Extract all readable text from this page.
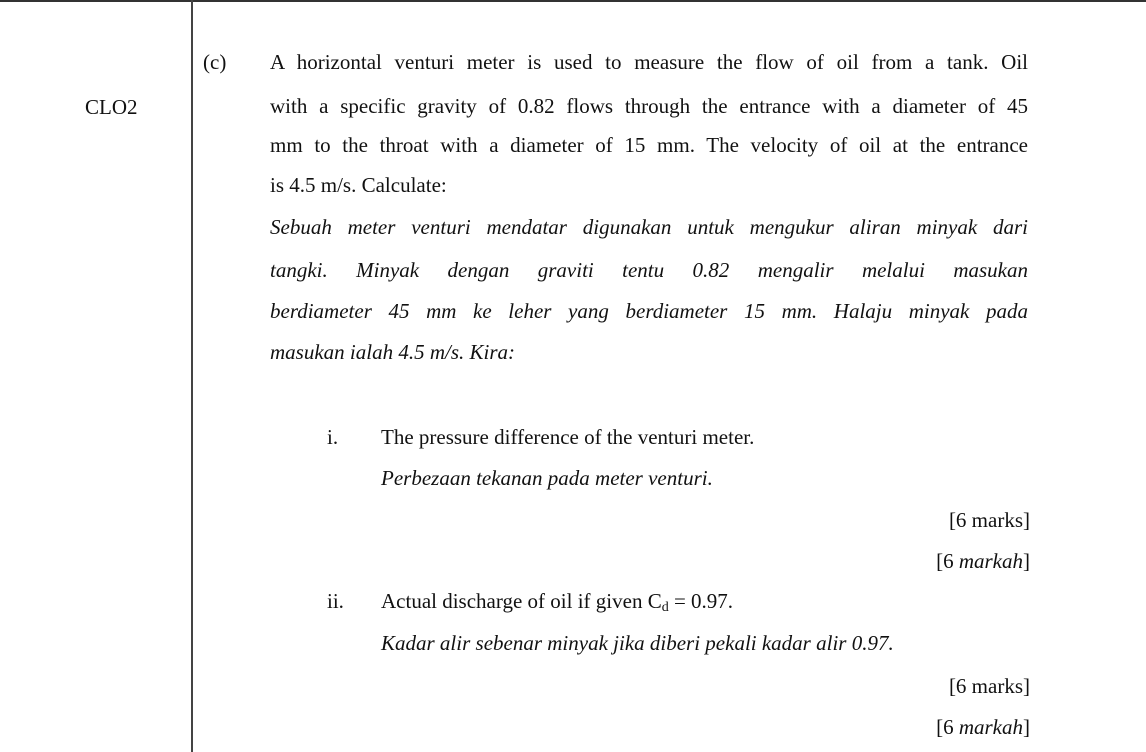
CLO2
(c) A horizontal venturi meter is used to measure the flow of oil from a tank. Oil
with a specific gravity of 0.82 flows through the entrance with a diameter of 45
mm to the throat with a diameter of 15 mm. The velocity of oil at the entrance
is 4.5 m/s. Calculate:
Sebuah meter venturi mendatar digunakan untuk mengukur aliran minyak dari
tangki. Minyak dengan graviti tentu 0.82 mengalir melalui masukan
berdiameter 45 mm ke leher yang berdiameter 15 mm. Halaju minyak pada
masukan ialah 4.5 m/s. Kira:
i. The pressure difference of the venturi meter.
Perbezaan tekanan pada meter venturi.
[6 marks]
[6 markah]
ii. Actual discharge of oil if given $C_d = 0.97$.
Kadar alir sebenar minyak jika diberi pekali kadar alir 0.97.
[6 marks]
[6 markah]
